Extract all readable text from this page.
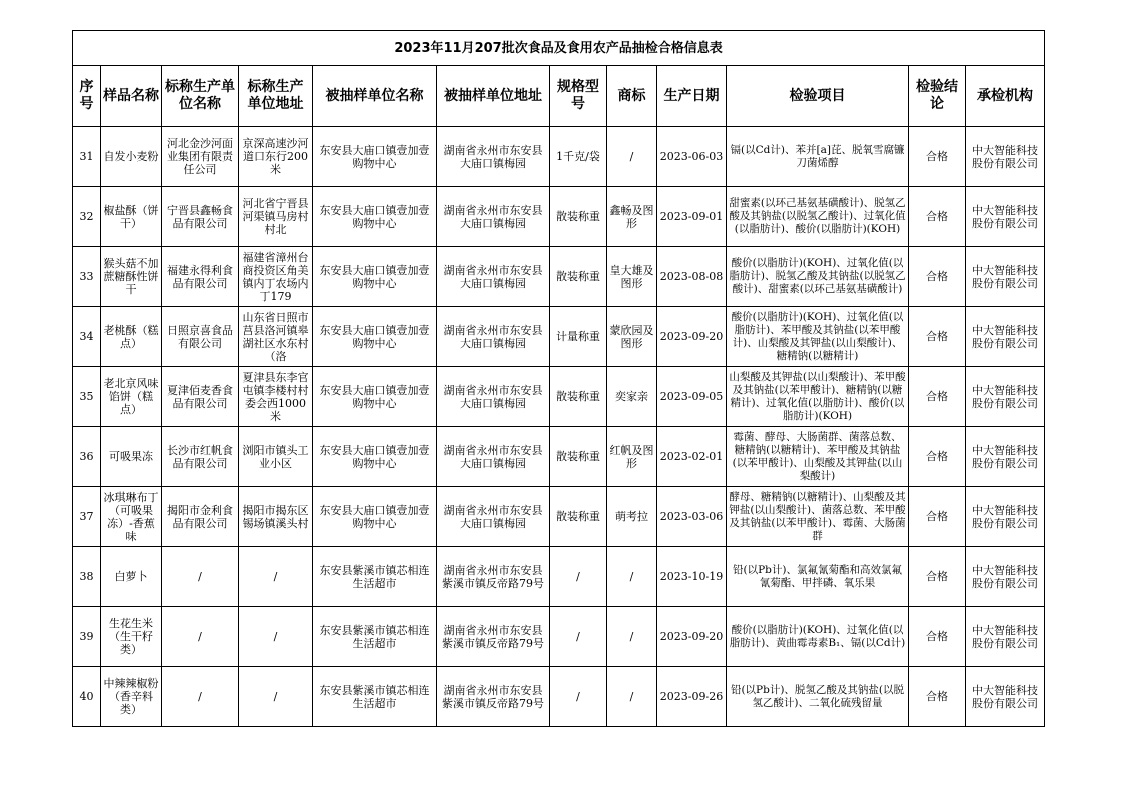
2023年11月207批次食品及食用农产品抽检合格信息表											
序号	样品名称	标称生产单位名称	标称生产单位地址	被抽样单位名称	被抽样单位地址	规格型号	商标	生产日期	检验项目	检验结论	承检机构

31	自发小麦粉	河北金沙河面业集团有限责任公司	京深高速沙河道口东行200米	东安县大庙口镇壹加壹购物中心	湖南省永州市东安县大庙口镇梅园	1千克/袋	/	2023-06-03	镉(以Cd计)、苯并[a]芘、脱氧雪腐镰刀菌烯醇	合格	中大智能科技股份有限公司

32	椒盐酥（饼干）	宁晋县鑫畅食品有限公司	河北省宁晋县河渠镇马房村村北	东安县大庙口镇壹加壹购物中心	湖南省永州市东安县大庙口镇梅园	散装称重	鑫畅及图形	2023-09-01	甜蜜素(以环己基氨基磺酸计)、脱氢乙酸及其钠盐(以脱氢乙酸计)、过氧化值(以脂肪计)、酸价(以脂肪计)(KOH)	合格	中大智能科技股份有限公司

33	猴头菇不加蔗糖酥性饼干	福建永得利食品有限公司	福建省漳州台商投资区角美镇内丁农场内丁179	东安县大庙口镇壹加壹购物中心	湖南省永州市东安县大庙口镇梅园	散装称重	皇大雄及图形	2023-08-08	酸价(以脂肪计)(KOH)、过氧化值(以脂肪计)、脱氢乙酸及其钠盐(以脱氢乙酸计)、甜蜜素(以环己基氨基磺酸计)	合格	中大智能科技股份有限公司

34	老桃酥（糕点）	日照京喜食品有限公司	山东省日照市莒县洛河镇皋湖社区水东村（洛	东安县大庙口镇壹加壹购物中心	湖南省永州市东安县大庙口镇梅园	计量称重	蒙欣园及图形	2023-09-20	酸价(以脂肪计)(KOH)、过氧化值(以脂肪计)、苯甲酸及其钠盐(以苯甲酸计)、山梨酸及其钾盐(以山梨酸计)、糖精钠(以糖精计)	合格	中大智能科技股份有限公司

35	老北京风味馅饼（糕点）	夏津佰麦香食品有限公司	夏津县东李官屯镇李楼村村委会西1000米	东安县大庙口镇壹加壹购物中心	湖南省永州市东安县大庙口镇梅园	散装称重	奕家亲	2023-09-05	山梨酸及其钾盐(以山梨酸计)、苯甲酸及其钠盐(以苯甲酸计)、糖精钠(以糖精计)、过氧化值(以脂肪计)、酸价(以脂肪计)(KOH)	合格	中大智能科技股份有限公司

36	可吸果冻	长沙市红帆食品有限公司	浏阳市镇头工业小区	东安县大庙口镇壹加壹购物中心	湖南省永州市东安县大庙口镇梅园	散装称重	红帆及图形	2023-02-01	霉菌、酵母、大肠菌群、菌落总数、糖精钠(以糖精计)、苯甲酸及其钠盐(以苯甲酸计)、山梨酸及其钾盐(以山梨酸计)	合格	中大智能科技股份有限公司

37	冰琪琳布丁（可吸果冻）-香蕉味	揭阳市金利食品有限公司	揭阳市揭东区锡场镇溪头村	东安县大庙口镇壹加壹购物中心	湖南省永州市东安县大庙口镇梅园	散装称重	萌考拉	2023-03-06	酵母、糖精钠(以糖精计)、山梨酸及其钾盐(以山梨酸计)、菌落总数、苯甲酸及其钠盐(以苯甲酸计)、霉菌、大肠菌群	合格	中大智能科技股份有限公司

38	白萝卜	/	/	东安县紫溪市镇芯相连生活超市	湖南省永州市东安县紫溪市镇反帝路79号	/	/	2023-10-19	铅(以Pb计)、氯氟氰菊酯和高效氯氟氰菊酯、甲拌磷、氧乐果	合格	中大智能科技股份有限公司

39	生花生米（生干籽类）	/	/	东安县紫溪市镇芯相连生活超市	湖南省永州市东安县紫溪市镇反帝路79号	/	/	2023-09-20	酸价(以脂肪计)(KOH)、过氧化值(以脂肪计)、黄曲霉毒素B₁、镉(以Cd计)	合格	中大智能科技股份有限公司

40	中辣辣椒粉（香辛料类）	/	/	东安县紫溪市镇芯相连生活超市	湖南省永州市东安县紫溪市镇反帝路79号	/	/	2023-09-26	铅(以Pb计)、脱氢乙酸及其钠盐(以脱氢乙酸计)、二氧化硫残留量	合格	中大智能科技股份有限公司
